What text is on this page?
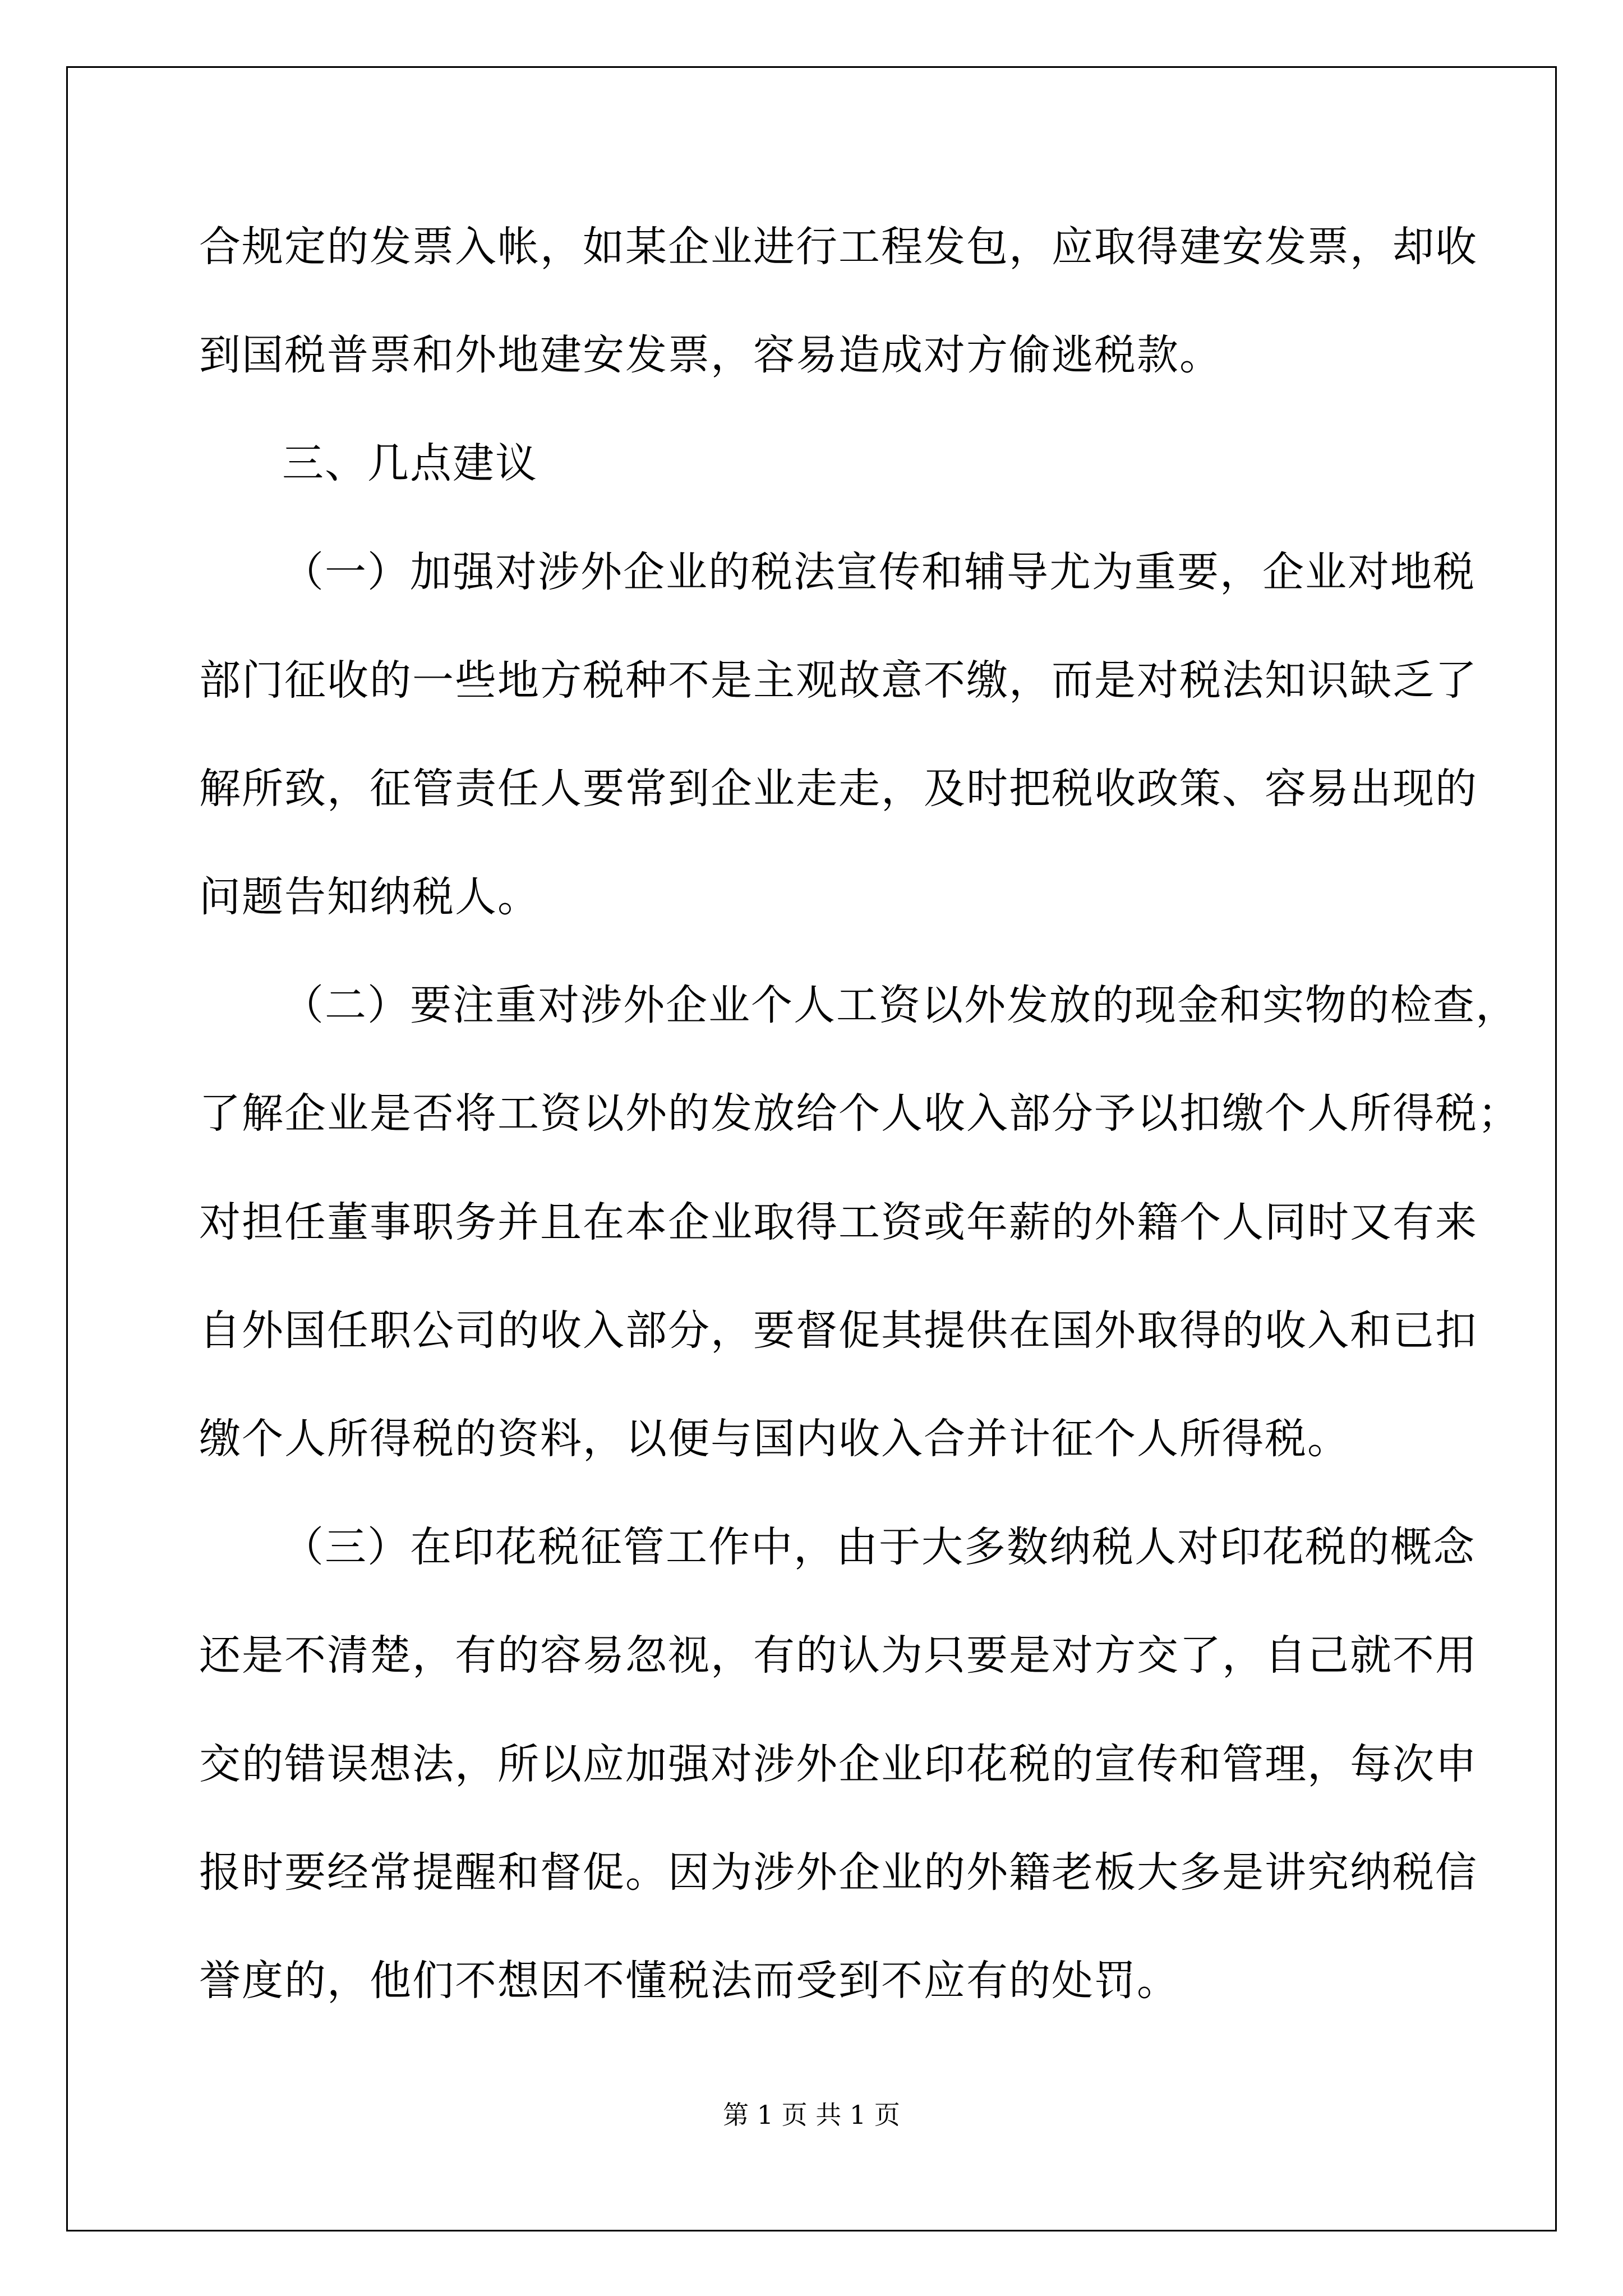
合规定的发票入帐，如某企业进行工程发包，应取得建安发票，却收
到国税普票和外地建安发票，容易造成对方偷逃税款。
三、几点建议
（一）加强对涉外企业的税法宣传和辅导尤为重要，企业对地税
部门征收的一些地方税种不是主观故意不缴，而是对税法知识缺乏了
解所致，征管责任人要常到企业走走，及时把税收政策、容易出现的
问题告知纳税人。
（二）要注重对涉外企业个人工资以外发放的现金和实物的检查，
了解企业是否将工资以外的发放给个人收入部分予以扣缴个人所得税；
对担任董事职务并且在本企业取得工资或年薪的外籍个人同时又有来
自外国任职公司的收入部分，要督促其提供在国外取得的收入和已扣
缴个人所得税的资料，以便与国内收入合并计征个人所得税。
（三）在印花税征管工作中，由于大多数纳税人对印花税的概念
还是不清楚，有的容易忽视，有的认为只要是对方交了，自己就不用
交的错误想法，所以应加强对涉外企业印花税的宣传和管理，每次申
报时要经常提醒和督促。因为涉外企业的外籍老板大多是讲究纳税信
誉度的，他们不想因不懂税法而受到不应有的处罚。
第 1 页 共 1 页
